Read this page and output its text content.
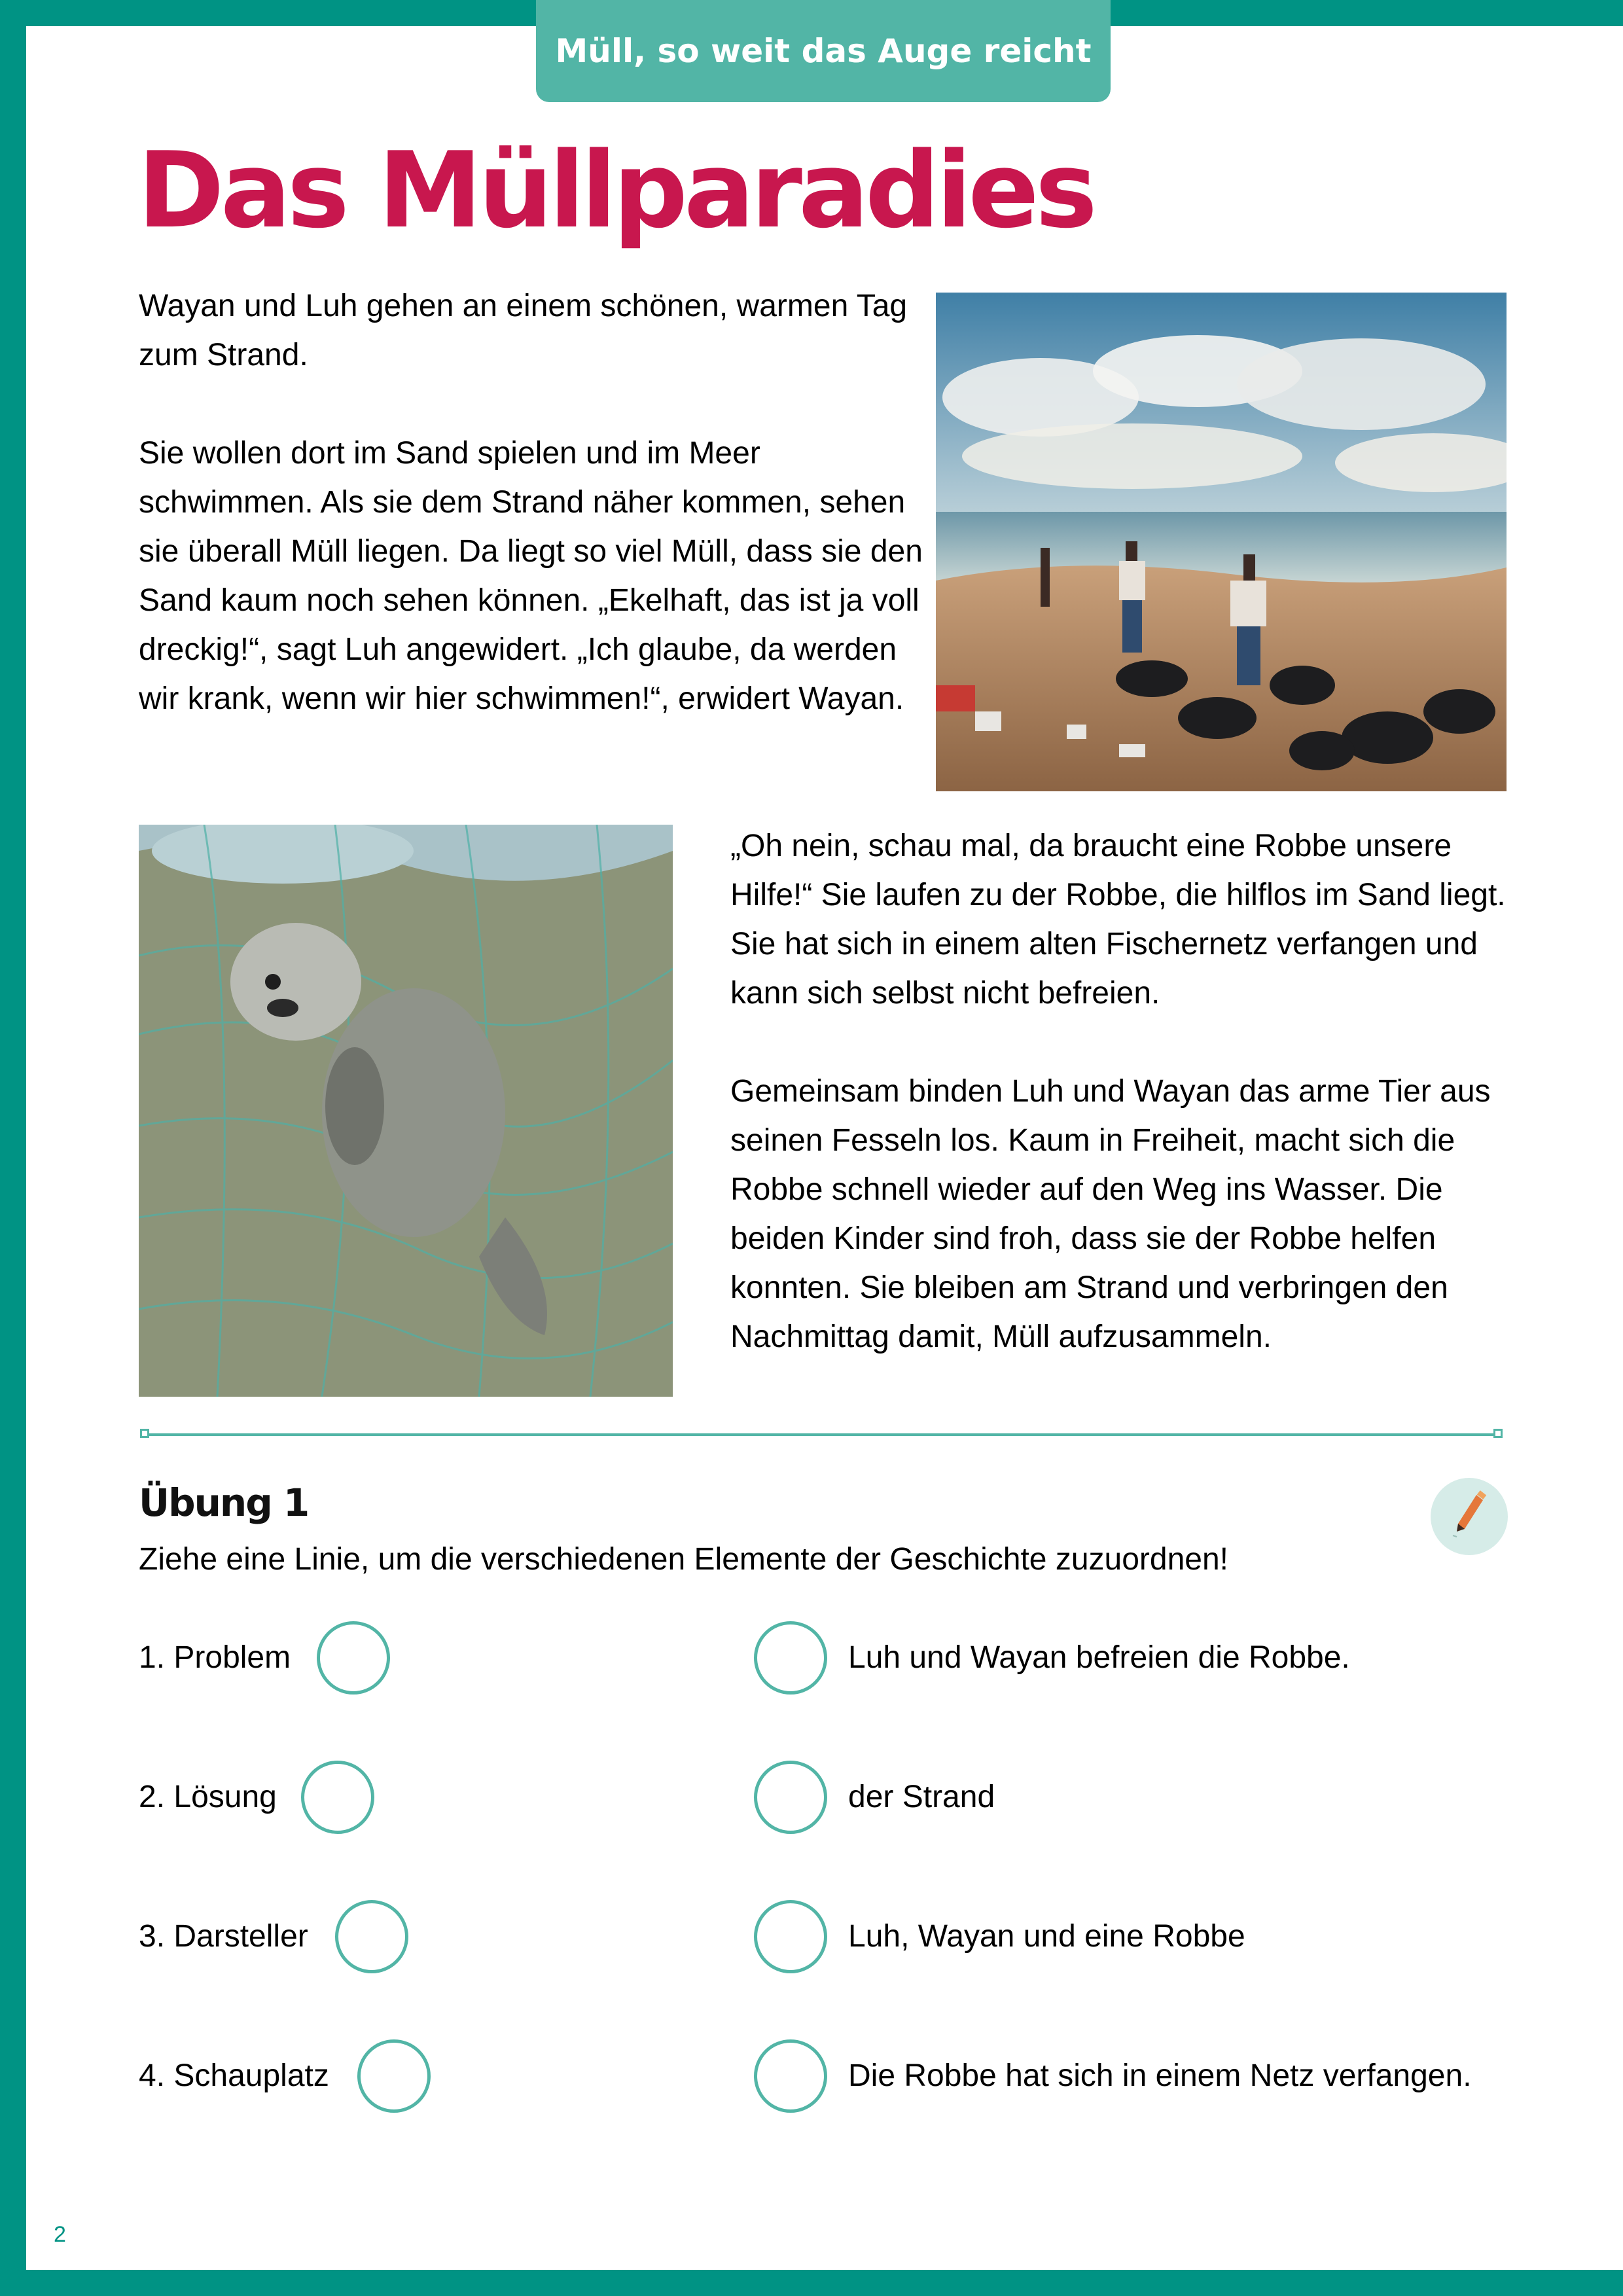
Müll, so weit das Auge reicht
Das Müllparadies

Wayan und Luh gehen an einem schönen, warmen Tag zum Strand.

Sie wollen dort im Sand spielen und im Meer schwimmen. Als sie dem Strand näher kommen, sehen sie überall Müll liegen. Da liegt so viel Müll, dass sie den Sand kaum noch sehen können. „Ekelhaft, das ist ja voll dreckig!“, sagt Luh angewidert. „Ich glaube, da werden wir krank, wenn wir hier schwimmen!“, erwidert Wayan.

„Oh nein, schau mal, da braucht eine Robbe unsere Hilfe!“ Sie laufen zu der Robbe, die hilflos im Sand liegt. Sie hat sich in einem alten Fischernetz verfangen und kann sich selbst nicht befreien.

Gemeinsam binden Luh und Wayan das arme Tier aus seinen Fesseln los. Kaum in Freiheit, macht sich die Robbe schnell wieder auf den Weg ins Wasser. Die beiden Kinder sind froh, dass sie der Robbe helfen konnten. Sie bleiben am Strand und verbringen den Nachmittag damit, Müll aufzusammeln.

Übung 1

Ziehe eine Linie, um die verschiedenen Elemente der Geschichte zuzuordnen!

1. Problem
2. Lösung
3. Darsteller
4. Schauplatz
Luh und Wayan befreien die Robbe.
der Strand
Luh, Wayan und eine Robbe
Die Robbe hat sich in einem Netz verfangen.
2
